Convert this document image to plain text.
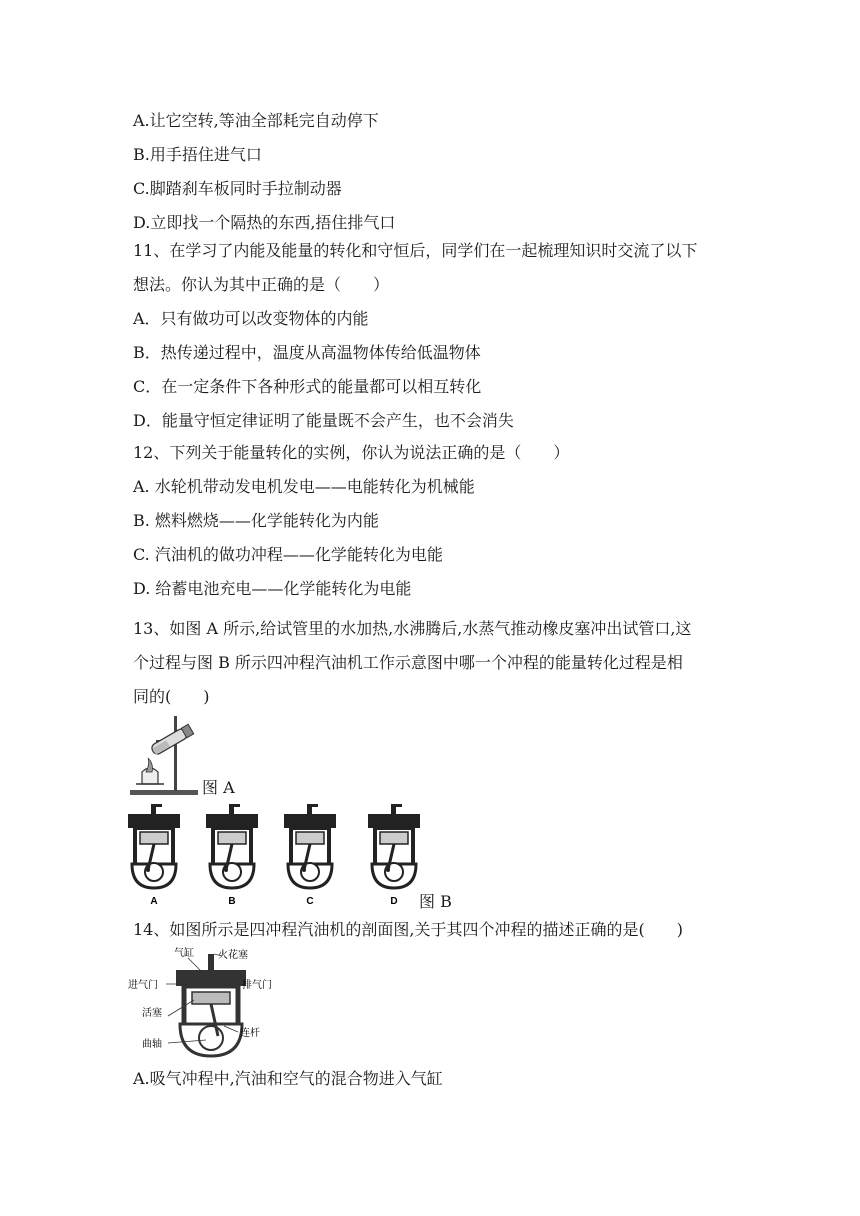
A.让它空转,等油全部耗完自动停下
B.用手捂住进气口
C.脚踏刹车板同时手拉制动器
D.立即找一个隔热的东西,捂住排气口
11、在学习了内能及能量的转化和守恒后，同学们在一起梳理知识时交流了以下
想法。你认为其中正确的是（　　）
A．只有做功可以改变物体的内能
B．热传递过程中，温度从高温物体传给低温物体
C．在一定条件下各种形式的能量都可以相互转化
D．能量守恒定律证明了能量既不会产生，也不会消失
12、下列关于能量转化的实例，你认为说法正确的是（　　）
A. 水轮机带动发电机发电——电能转化为机械能
B. 燃料燃烧——化学能转化为内能
C. 汽油机的做功冲程——化学能转化为电能
D. 给蓄电池充电——化学能转化为电能
13、如图 A 所示,给试管里的水加热,水沸腾后,水蒸气推动橡皮塞冲出试管口,这
个过程与图 B 所示四冲程汽油机工作示意图中哪一个冲程的能量转化过程是相
同的(　　)
图 A
A	B	C	D 图 B
14、如图所示是四冲程汽油机的剖面图,关于其四个冲程的描述正确的是(　　)
气缸 火花塞
进气门	排气门
活塞
连杆
曲轴
A.吸气冲程中,汽油和空气的混合物进入气缸
